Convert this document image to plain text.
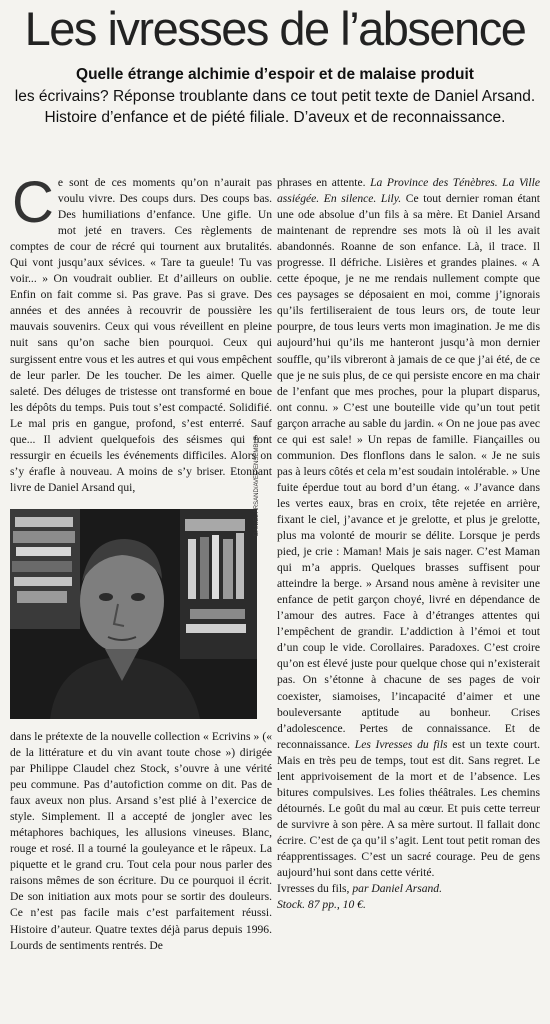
Les ivresses de l’absence
Quelle étrange alchimie d’espoir et de malaise produit
les écrivains? Réponse troublante dans ce tout petit texte de Daniel Arsand. Histoire d’enfance et de piété filiale. D’aveux et de reconnaissance.

Ce sont de ces moments qu’on n’aurait pas voulu vivre. Des coups durs. Des coups bas. Des humiliations d’enfance. Une gifle. Un mot jeté en travers. Ces règlements de comptes de cour de récré qui tournent aux brutalités. Qui vont jusqu’aux sévices. « Tare ta gueule! Tu vas voir... » On voudrait oublier. Et d’ailleurs on oublie. Enfin on fait comme si. Pas grave. Pas si grave. Des années et des années à recouvrir de poussière les mauvais souvenirs. Ceux qui vous réveillent en pleine nuit sans qu’on sache bien pourquoi. Ceux qui surgissent entre vous et les autres et qui vous empêchent de leur parler. De les toucher. De les aimer. Quelle saleté. Des déluges de tristesse ont transformé en boue les dépôts du temps. Puis tout s’est compacté. Solidifié. Le mal pris en gangue, profond, s’est enterré. Sauf que... Il advient quelquefois des séismes qui font ressurgir en écueils les événements difficiles. Alors on s’y érafle à nouveau. A moins de s’y briser. Etonnant livre de Daniel Arsand qui,

dans le prétexte de la nouvelle collection « Ecrivins » (« de la littérature et du vin avant toute chose ») dirigée par Philippe Claudel chez Stock, s’ouvre à une vérité peu commune. Pas d’autofiction comme on dit. Pas de faux aveux non plus. Arsand s’est plié à l’exercice de style. Simplement. Il a accepté de jongler avec les métaphores bachiques, les allusions vineuses. Blanc, rouge et rosé. Il a tourné la gouleyance et le râpeux. La piquette et le grand cru. Tout cela pour nous parler des raisons mêmes de son écriture. Du ce pourquoi il écrit. De son initiation aux mots pour se sortir des douleurs. Ce n’est pas facile mais c’est parfaitement réussi. Histoire d’auteur. Quatre textes déjà parus depuis 1996. Lourds de sentiments rentrés. De

DANIEL ARSAND/AVEC ENSEMBLE

phrases en attente. La Province des Ténèbres. La Ville assiégée. En silence. Lily. Ce tout dernier roman étant une ode absolue d’un fils à sa mère. Et Daniel Arsand maintenant de reprendre ses mots là où il les avait abandonnés. Roanne de son enfance. Là, il trace. Il progresse. Il défriche. Lisières et grandes plaines. « A cette époque, je ne me rendais nullement compte que ces paysages se déposaient en moi, comme j’ignorais qu’ils fertiliseraient de tous leurs ors, de toute leur pourpre, de tous leurs verts mon imagination. Je me dis aujourd’hui qu’ils me hanteront jusqu’à mon dernier souffle, qu’ils vibreront à jamais de ce que j’ai été, de ce que je ne suis plus, de ce qui persiste encore en ma chair de l’enfant que mes proches, pour la plupart disparus, ont connu. » C’est une bouteille vide qu’un tout petit garçon arrache au sable du jardin. « On ne joue pas avec ce qui est sale! » Un repas de famille. Fiançailles ou communion. Des flonflons dans le salon. « Je ne suis pas à leurs côtés et cela m’est soudain intolérable. » Une fuite éperdue tout au bord d’un étang. « J’avance dans les vertes eaux, bras en croix, tête rejetée en arrière, fixant le ciel, j’avance et je grelotte, et plus je grelotte, plus ma volonté de mourir se délite. Lorsque je perds pied, je crie : Maman! Mais je sais nager. C’est Maman qui m’a appris. Quelques brasses suffisent pour atteindre la berge. » Arsand nous amène à revisiter une enfance de petit garçon choyé, livré en dépendance de l’amour des autres. Face à d’étranges attentes qui l’empêchent de grandir. L’addiction à l’émoi et tout d’un coup le vide. Corollaires. Paradoxes. C’est croire qu’on est élevé juste pour quelque chose qui n’existerait pas. On s’étonne à chacune de ses pages de voir coexister, siamoises, l’incapacité d’aimer et une bouleversante aptitude au bonheur. Crises d’adolescence. Pertes de connaissance. Et de reconnaissance. Les Ivresses du fils est un texte court. Mais en très peu de temps, tout est dit. Sans regret. Le lent apprivoisement de la mort et de l’absence. Les bitures compulsives. Les folies théâtrales. Les chemins détournés. Le goût du mal au cœur. Et puis cette terreur de survivre à son père. A sa mère surtout. Il fallait donc écrire. C’est de ça qu’il s’agit. Lent tout petit roman des réapprentissages. C’est un sacré courage. Peu de gens aujourd’hui sont dans cette vérité.

Ivresses du fils, par Daniel Arsand.
Stock. 87 pp., 10 €.
